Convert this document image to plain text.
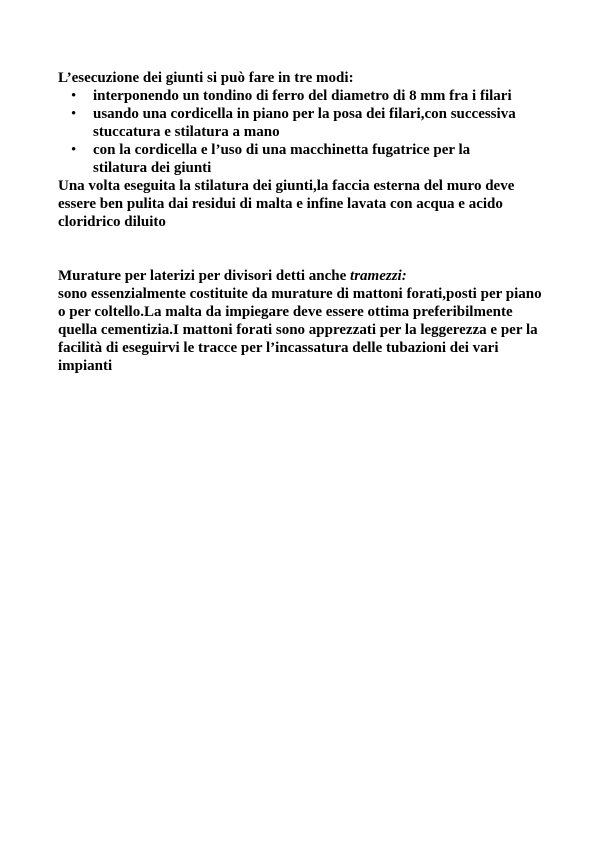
L’esecuzione dei giunti si può fare in tre modi:

• interponendo un tondino di ferro del diametro di 8 mm fra i filari
• usando una cordicella in piano per la posa dei filari,con successiva stuccatura e stilatura a mano
• con la cordicella e l’uso di una macchinetta fugatrice per la stilatura dei giunti

Una volta eseguita la stilatura dei giunti,la faccia esterna del muro deve essere ben pulita dai residui di malta e infine lavata con acqua e acido cloridrico diluito

Murature per laterizi per divisori detti anche tramezzi:

sono essenzialmente costituite da murature di mattoni forati,posti per piano o per coltello.La malta da impiegare deve essere ottima preferibilmente quella cementizia.I mattoni forati sono apprezzati per la leggerezza e per la facilità di eseguirvi le tracce per l’incassatura delle tubazioni dei vari impianti
